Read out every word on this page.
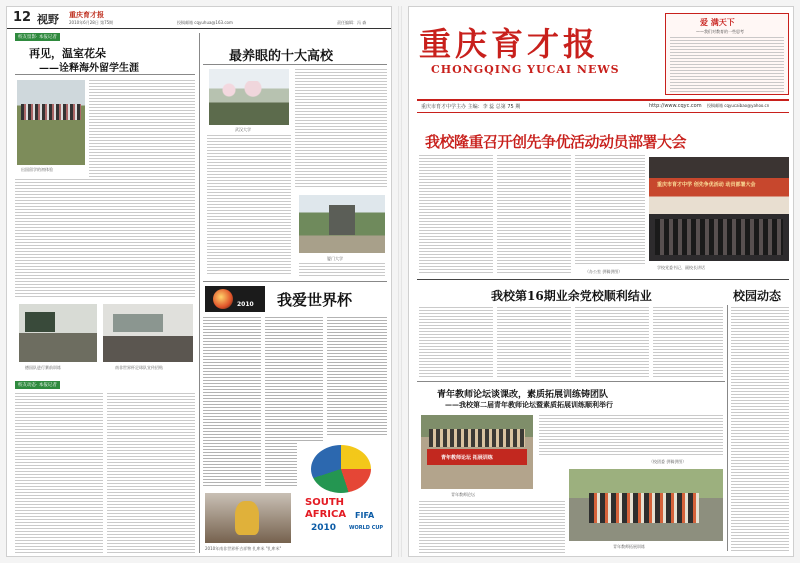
12 视野 重庆育才报
2010年6月28日 第75期	投稿邮箱 cqyuhua@163.com	责任编辑：冯 森
校友留影· 本报记者
再见，温室花朵
——诠释海外留学生涯
出国留学的初体验
德国队进行赛前训练	南非世界杯足球队宣传招贴
校友动态· 本报记者
最养眼的十大高校
武汉大学
厦门大学
2010 我爱世界杯
SOUTH
AFRICA
2010
FIFA
WORLD CUP
2010年南非世界杯吉祥物 扎库米 "扎库米"
重庆育才报
CHONGQING YUCAI NEWS
爱 满天下
——我们对教育的一些思考
重庆市育才中学主办 主编：李 蕊 总第 75 期	http://www.cqyc.com 投稿邮箱 cqyucaibao@yahoo.cn
我校隆重召开创先争优活动动员部署大会
（办公室 供稿供图）
重庆市育才中学 创先争优活动 动员部署大会
学校党委书记、副校长讲话
我校第16期业余党校顺利结业	校园动态
青年教师论坛谈课改，素质拓展训练铸团队
——我校第二届青年教师论坛暨素质拓展训练顺利举行
青年教师论坛 拓展训练
青年教师论坛
（校团委 供稿供图）
青年教师拓展训练
